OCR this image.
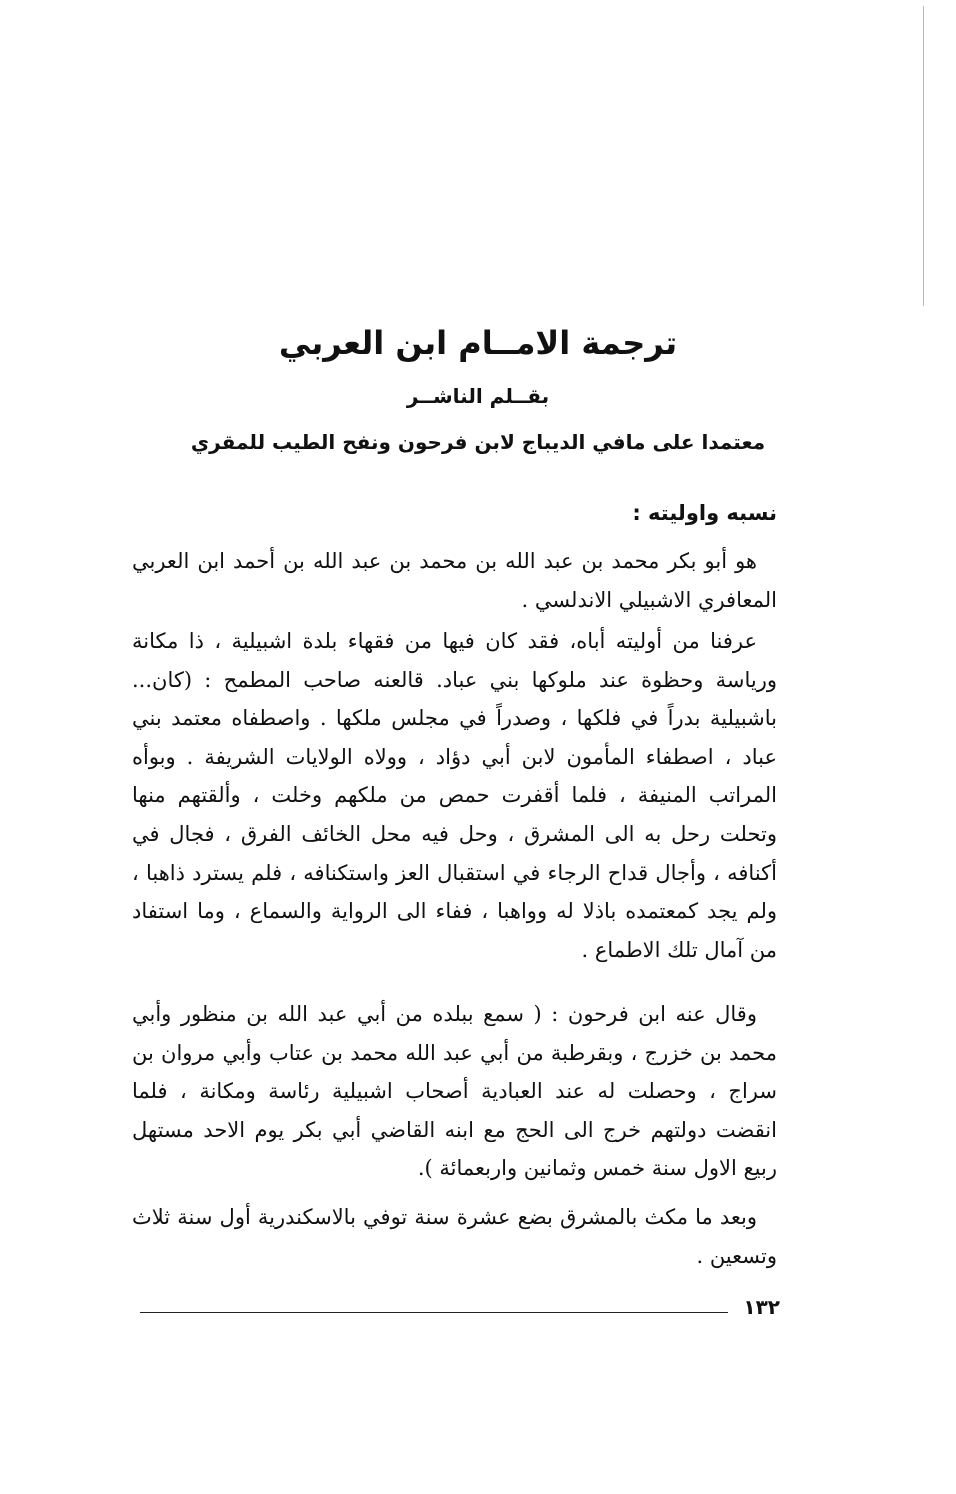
ترجمة الامــام ابن العربي
بقــلم الناشــر
معتمدا على مافي الديباج لابن فرحون ونفح الطيب للمقري
نسبه واوليته :

هو أبو بكر محمد بن عبد الله بن محمد بن عبد الله بن أحمد ابن العربي المعافري الاشبيلي الاندلسي .

عرفنا من أوليته أباه، فقد كان فيها من فقهاء بلدة اشبيلية ، ذا مكانة ورياسة وحظوة عند ملوكها بني عباد. قالعنه صاحب المطمح : (كان... باشبيلية بدراً في فلكها ، وصدراً في مجلس ملكها . واصطفاه معتمد بني عباد ، اصطفاء المأمون لابن أبي دؤاد ، وولاه الولايات الشريفة . وبوأه المراتب المنيفة ، فلما أقفرت حمص من ملكهم وخلت ، وألقتهم منها وتحلت رحل به الى المشرق ، وحل فيه محل الخائف الفرق ، فجال في أكنافه ، وأجال قداح الرجاء في استقبال العز واستكنافه ، فلم يسترد ذاهبا ، ولم يجد كمعتمده باذلا له وواهبا ، ففاء الى الرواية والسماع ، وما استفاد من آمال تلك الاطماع .

وقال عنه ابن فرحون : ( سمع ببلده من أبي عبد الله بن منظور وأبي محمد بن خزرج ، وبقرطبة من أبي عبد الله محمد بن عتاب وأبي مروان بن سراج ، وحصلت له عند العبادية أصحاب اشبيلية رئاسة ومكانة ، فلما انقضت دولتهم خرج الى الحج مع ابنه القاضي أبي بكر يوم الاحد مستهل ربيع الاول سنة خمس وثمانين واربعمائة ).

وبعد ما مكث بالمشرق بضع عشرة سنة توفي بالاسكندرية أول سنة ثلاث وتسعين .

١٣٢
